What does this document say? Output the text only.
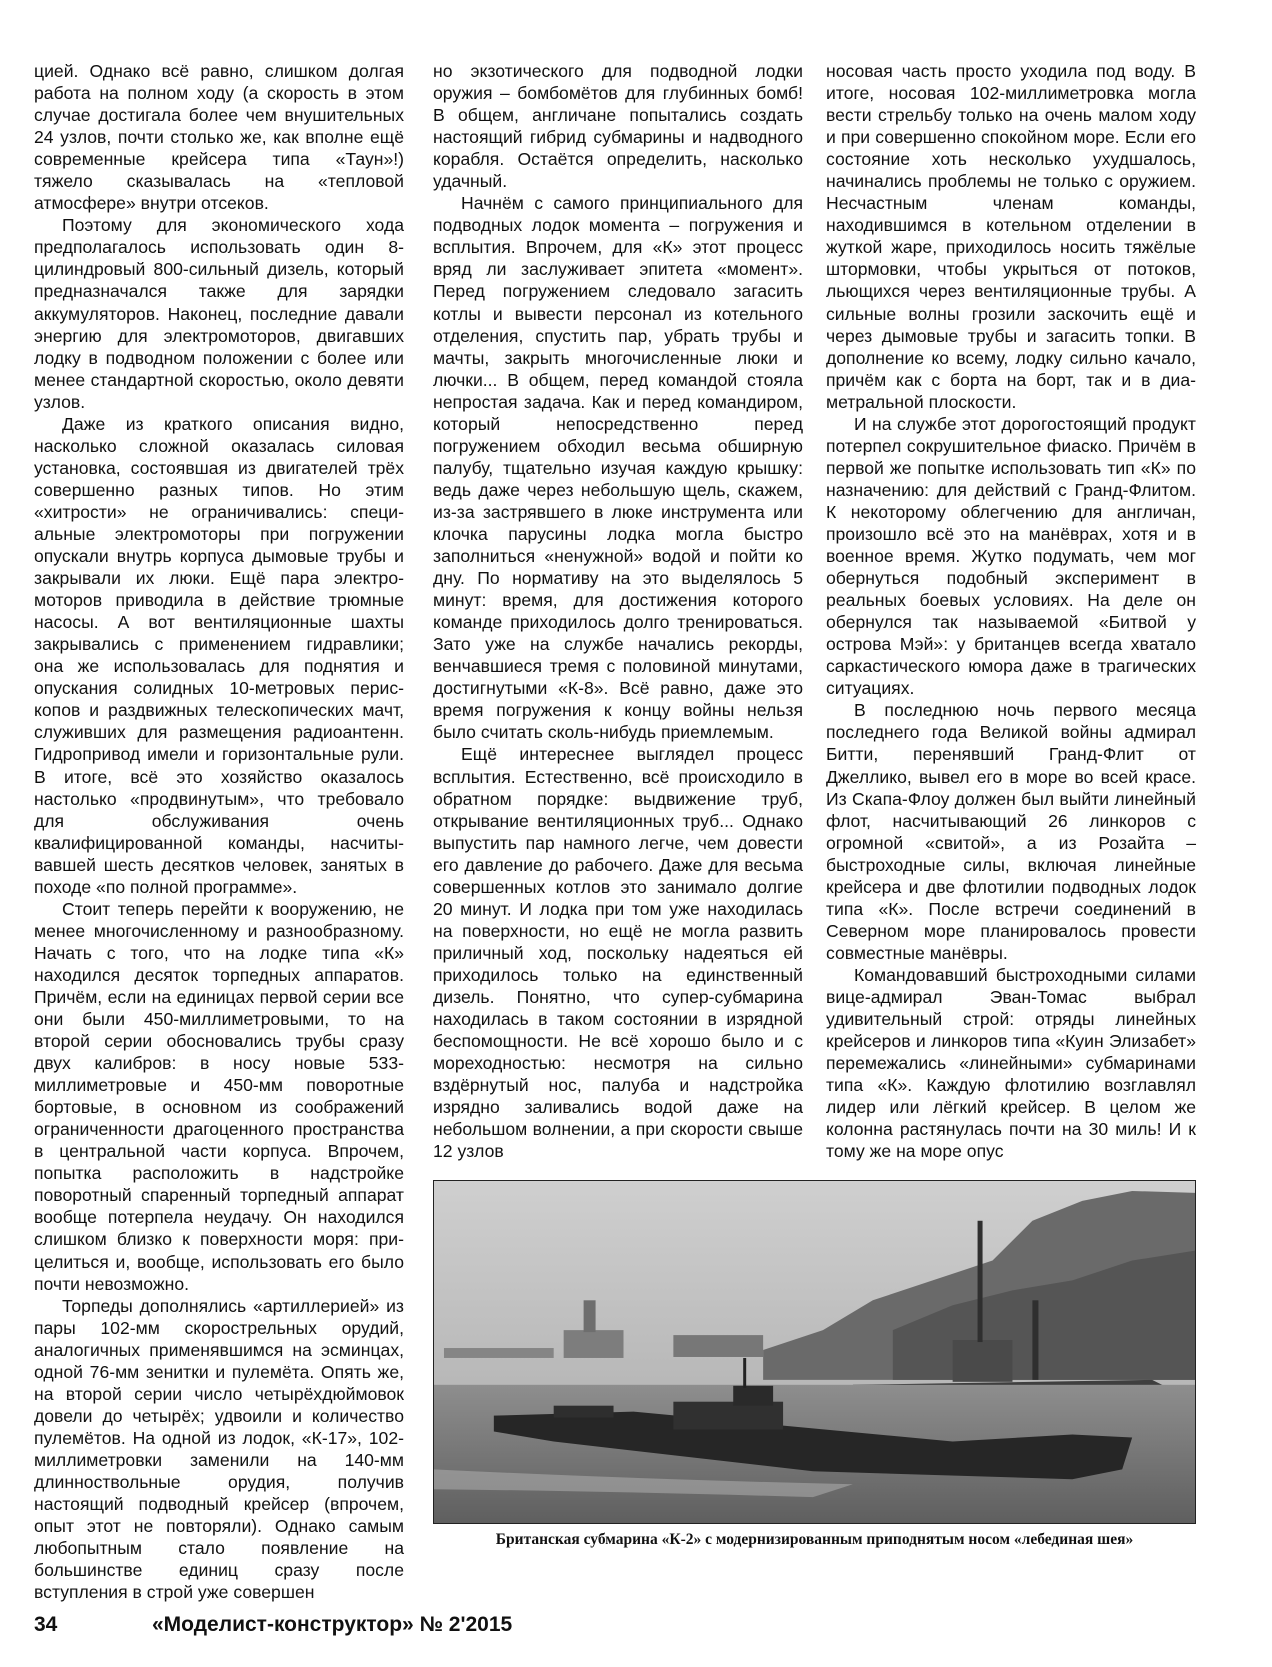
цией. Однако всё равно, слишком долгая работа на полном ходу (а скорость в этом случае достигала более чем внушительных 24 узлов, почти столько же, как вполне ещё современные крейсера типа «Таун»!) тяжело сказывалась на «тепловой атмосфере» внутри отсеков.

Поэтому для экономического хода предполагалось использовать один 8-цилиндровый 800-сильный дизель, который предназначался также для зарядки аккумуляторов. Наконец, последние давали энергию для электромоторов, двигавших лодку в подводном положении с более или менее стандартной скоростью, около девяти узлов.

Даже из краткого описания видно, насколько сложной оказалась силовая установка, состоявшая из двигателей трёх совершенно разных типов. Но этим «хитрости» не ограничивались: специальные электромоторы при погружении опускали внутрь корпуса дымовые трубы и закрывали их люки. Ещё пара электромоторов приводила в действие трюмные насосы. А вот вентиляционные шахты закрывались с применением гидравлики; она же использовалась для поднятия и опускания солидных 10-метровых перископов и раздвижных телескопических мачт, служивших для размещения радиоантенн. Гидропривод имели и горизонтальные рули. В итоге, всё это хозяйство оказалось настолько «продвинутым», что требовало для обслуживания очень квалифицированной команды, насчитывавшей шесть десятков человек, занятых в походе «по полной программе».

Стоит теперь перейти к вооружению, не менее многочисленному и разнообразному. Начать с того, что на лодке типа «К» находился десяток торпедных аппаратов. Причём, если на единицах первой серии все они были 450-миллиметровыми, то на второй серии обосновались трубы сразу двух калибров: в носу новые 533-миллиметровые и 450-мм поворотные бортовые, в основном из соображений ограниченности драгоценного пространства в центральной части корпуса. Впрочем, попытка расположить в надстройке поворотный спаренный торпедный аппарат вообще потерпела неудачу. Он находился слишком близко к поверхности моря: прицелиться и, вообще, использовать его было почти невозможно.

Торпеды дополнялись «артиллерией» из пары 102-мм скорострельных орудий, аналогичных применявшимся на эсминцах, одной 76-мм зенитки и пулемёта. Опять же, на второй серии число четырёхдюймовок довели до четырёх; удвоили и количество пулемётов. На одной из лодок, «К-17», 102-миллиметровки заменили на 140-мм длинноствольные орудия, получив настоящий подводный крейсер (впрочем, опыт этот не повторяли). Однако самым любопытным стало появление на большинстве единиц сразу после вступления в строй уже совершен

но экзотического для подводной лодки оружия – бомбомётов для глубинных бомб! В общем, англичане попытались создать настоящий гибрид субмарины и надводного корабля. Остаётся определить, насколько удачный.

Начнём с самого принципиального для подводных лодок момента – погружения и всплытия. Впрочем, для «К» этот процесс вряд ли заслуживает эпитета «момент». Перед погружением следовало загасить котлы и вывести персонал из котельного отделения, спустить пар, убрать трубы и мачты, закрыть многочисленные люки и лючки... В общем, перед командой стояла непростая задача. Как и перед командиром, который непосредственно перед погружением обходил весьма обширную палубу, тщательно изучая каждую крышку: ведь даже через небольшую щель, скажем, из-за застрявшего в люке инструмента или клочка парусины лодка могла быстро заполниться «ненужной» водой и пойти ко дну. По нормативу на это выделялось 5 минут: время, для достижения которого команде приходилось долго тренироваться. Зато уже на службе начались рекорды, венчавшиеся тремя с половиной минутами, достигнутыми «К-8». Всё равно, даже это время погружения к концу войны нельзя было считать сколь-нибудь приемлемым.

Ещё интереснее выглядел процесс всплытия. Естественно, всё происходило в обратном порядке: выдвижение труб, открывание вентиляционных труб... Однако выпустить пар намного легче, чем довести его давление до рабочего. Даже для весьма совершенных котлов это занимало долгие 20 минут. И лодка при том уже находилась на поверхности, но ещё не могла развить приличный ход, поскольку надеяться ей приходилось только на единственный дизель. Понятно, что супер-субмарина находилась в таком состоянии в изрядной беспомощности. Не всё хорошо было и с мореходностью: несмотря на сильно вздёрнутый нос, палуба и надстройка изрядно заливались водой даже на небольшом волнении, а при скорости свыше 12 узлов

носовая часть просто уходила под воду. В итоге, носовая 102-миллиметровка могла вести стрельбу только на очень малом ходу и при совершенно спокойном море. Если его состояние хоть несколько ухудшалось, начинались проблемы не только с оружием. Несчастным членам команды, находившимся в котельном отделении в жуткой жаре, приходилось носить тяжёлые штормовки, чтобы укрыться от потоков, льющихся через вентиляционные трубы. А сильные волны грозили заскочить ещё и через дымовые трубы и загасить топки. В дополнение ко всему, лодку сильно качало, причём как с борта на борт, так и в диаметральной плоскости.

И на службе этот дорогостоящий продукт потерпел сокрушительное фиаско. Причём в первой же попытке использовать тип «К» по назначению: для действий с Гранд-Флитом. К некоторому облегчению для англичан, произошло всё это на манёврах, хотя и в военное время. Жутко подумать, чем мог обернуться подобный эксперимент в реальных боевых условиях. На деле он обернулся так называемой «Битвой у острова Мэй»: у британцев всегда хватало саркастического юмора даже в трагических ситуациях.

В последнюю ночь первого месяца последнего года Великой войны адмирал Битти, перенявший Гранд-Флит от Джеллико, вывел его в море во всей красе. Из Скапа-Флоу должен был выйти линейный флот, насчитывающий 26 линкоров с огромной «свитой», а из Розайта – быстроходные силы, включая линейные крейсера и две флотилии подводных лодок типа «К». После встречи соединений в Северном море планировалось провести совместные манёвры.

Командовавший быстроходными силами вице-адмирал Эван-Томас выбрал удивительный строй: отряды линейных крейсеров и линкоров типа «Куин Элизабет» перемежались «линейными» субмаринами типа «К». Каждую флотилию возглавлял лидер или лёгкий крейсер. В целом же колонна растянулась почти на 30 миль! И к тому же на море опус

Британская субмарина «К-2» с модернизированным приподнятым носом «лебединая шея»
34	«Моделист-конструктор» № 2'2015
